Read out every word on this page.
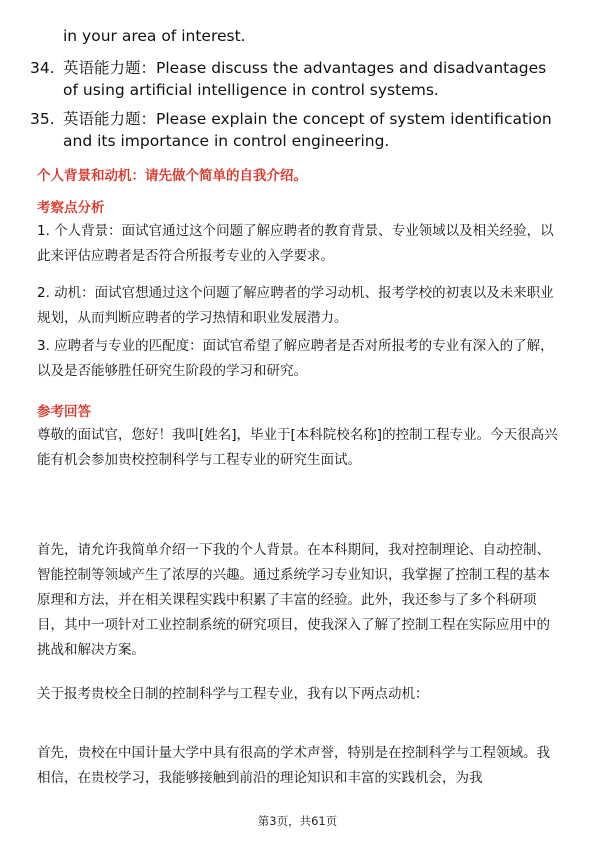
in your area of interest.
34. 英语能力题：Please discuss the advantages and disadvantages of using artificial intelligence in control systems.
35. 英语能力题：Please explain the concept of system identification and its importance in control engineering.
个人背景和动机：请先做个简单的自我介绍。
考察点分析
1. 个人背景：面试官通过这个问题了解应聘者的教育背景、专业领域以及相关经验，以此来评估应聘者是否符合所报考专业的入学要求。
2. 动机：面试官想通过这个问题了解应聘者的学习动机、报考学校的初衷以及未来职业规划，从而判断应聘者的学习热情和职业发展潜力。
3. 应聘者与专业的匹配度：面试官希望了解应聘者是否对所报考的专业有深入的了解，以及是否能够胜任研究生阶段的学习和研究。
参考回答
尊敬的面试官，您好！我叫[姓名]，毕业于[本科院校名称]的控制工程专业。今天很高兴能有机会参加贵校控制科学与工程专业的研究生面试。
首先，请允许我简单介绍一下我的个人背景。在本科期间，我对控制理论、自动控制、智能控制等领域产生了浓厚的兴趣。通过系统学习专业知识，我掌握了控制工程的基本原理和方法，并在相关课程实践中积累了丰富的经验。此外，我还参与了多个科研项目，其中一项针对工业控制系统的研究项目，使我深入了解了控制工程在实际应用中的挑战和解决方案。
关于报考贵校全日制的控制科学与工程专业，我有以下两点动机：
首先，贵校在中国计量大学中具有很高的学术声誉，特别是在控制科学与工程领域。我相信，在贵校学习，我能够接触到前沿的理论知识和丰富的实践机会，为我
第3页，共61页
